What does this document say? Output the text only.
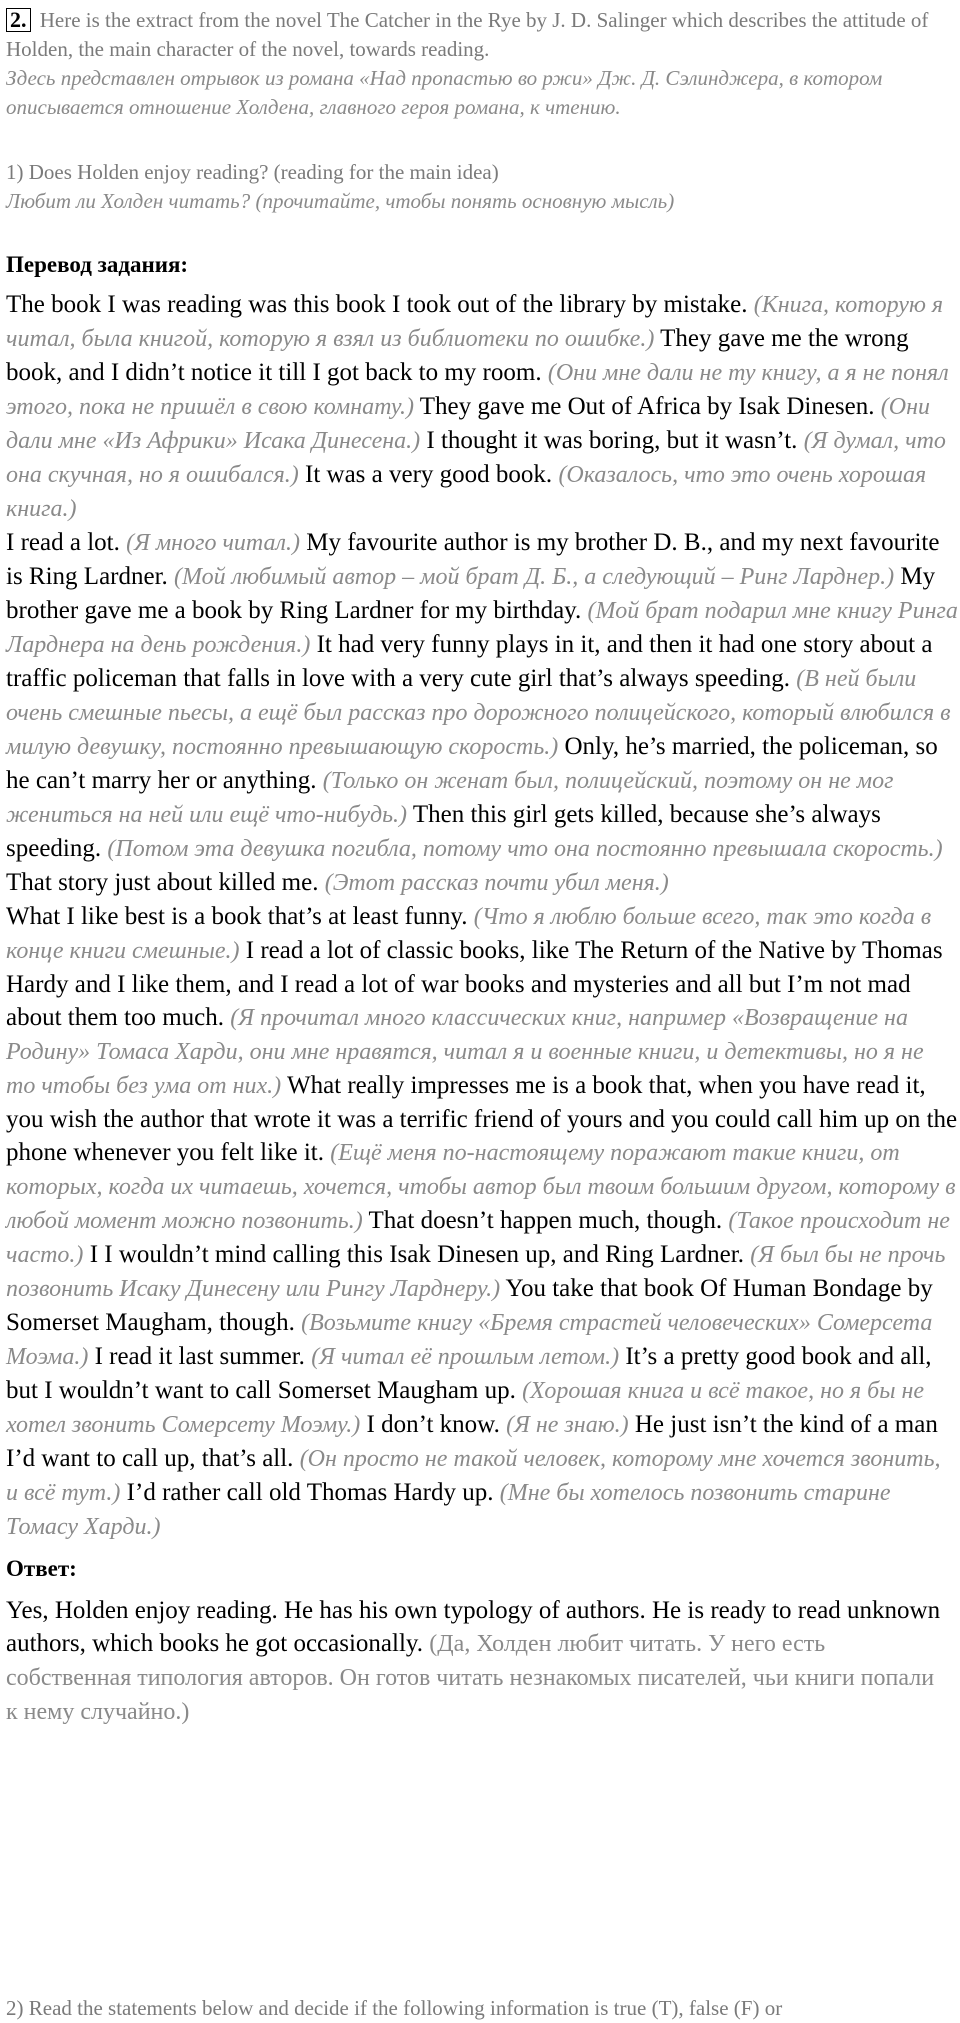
2. Here is the extract from the novel The Catcher in the Rye by J. D. Salinger which describes the attitude of Holden, the main character of the novel, towards reading.
Здесь представлен отрывок из романа «Над пропастью во ржи» Дж. Д. Сэлинджера, в котором описывается отношение Холдена, главного героя романа, к чтению.
1) Does Holden enjoy reading? (reading for the main idea)
Любит ли Холден читать? (прочитайте, чтобы понять основную мысль)
Перевод задания:
The book I was reading was this book I took out of the library by mistake. (Книга, которую я читал, была книгой, которую я взял из библиотеки по ошибке.) They gave me the wrong book, and I didn’t notice it till I got back to my room. (Они мне дали не ту книгу, а я не понял этого, пока не пришёл в свою комнату.) They gave me Out of Africa by Isak Dinesen. (Они дали мне «Из Африки» Исака Динесена.) I thought it was boring, but it wasn’t. (Я думал, что она скучная, но я ошибался.) It was a very good book. (Оказалось, что это очень хорошая книга.)
I read a lot. (Я много читал.) My favourite author is my brother D. B., and my next favourite is Ring Lardner. (Мой любимый автор – мой брат Д. Б., а следующий – Ринг Ларднер.) My brother gave me a book by Ring Lardner for my birthday. (Мой брат подарил мне книгу Ринга Ларднера на день рождения.) It had very funny plays in it, and then it had one story about a traffic policeman that falls in love with a very cute girl that’s always speeding. (В ней были очень смешные пьесы, а ещё был рассказ про дорожного полицейского, который влюбился в милую девушку, постоянно превышающую скорость.) Only, he’s married, the policeman, so he can’t marry her or anything. (Только он женат был, полицейский, поэтому он не мог жениться на ней или ещё что-нибудь.) Then this girl gets killed, because she’s always speeding. (Потом эта девушка погибла, потому что она постоянно превышала скорость.) That story just about killed me. (Этот рассказ почти убил меня.)
What I like best is a book that’s at least funny. (Что я люблю больше всего, так это когда в конце книги смешные.) I read a lot of classic books, like The Return of the Native by Thomas Hardy and I like them, and I read a lot of war books and mysteries and all but I’m not mad about them too much. (Я прочитал много классических книг, например «Возвращение на Родину» Томаса Харди, они мне нравятся, читал я и военные книги, и детективы, но я не то чтобы без ума от них.) What really impresses me is a book that, when you have read it, you wish the author that wrote it was a terrific friend of yours and you could call him up on the phone whenever you felt like it. (Ещё меня по-настоящему поражают такие книги, от которых, когда их читаешь, хочется, чтобы автор был твоим большим другом, которому в любой момент можно позвонить.) That doesn’t happen much, though. (Такое происходит не часто.) I I wouldn’t mind calling this Isak Dinesen up, and Ring Lardner. (Я был бы не прочь позвонить Исаку Динесену или Рингу Ларднеру.) You take that book Of Human Bondage by Somerset Maugham, though. (Возьмите книгу «Бремя страстей человеческих» Сомерсета Моэма.) I read it last summer. (Я читал её прошлым летом.) It’s a pretty good book and all, but I wouldn’t want to call Somerset Maugham up. (Хорошая книга и всё такое, но я бы не хотел звонить Сомерсету Моэму.) I don’t know. (Я не знаю.) He just isn’t the kind of a man I’d want to call up, that’s all. (Он просто не такой человек, которому мне хочется звонить, и всё тут.) I’d rather call old Thomas Hardy up. (Мне бы хотелось позвонить старине Томасу Харди.)
Ответ:
Yes, Holden enjoy reading. He has his own typology of authors. He is ready to read unknown authors, which books he got occasionally. (Да, Холден любит читать. У него есть собственная типология авторов. Он готов читать незнакомых писателей, чьи книги попали к нему случайно.)
2) Read the statements below and decide if the following information is true (T), false (F) or
